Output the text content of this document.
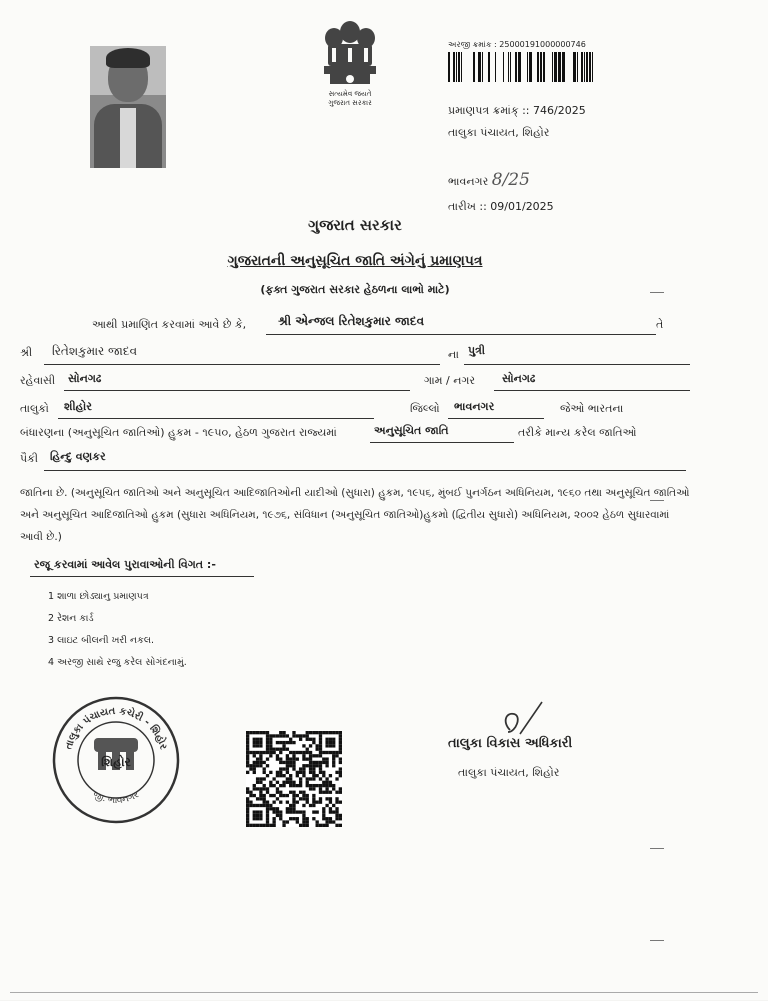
સત્યમેવ જયતે
ગુજરાત સરકાર
અરજી ક્રમાંક : 25000191000000746
પ્રમાણપત્ર ક્રમાંક્ :: 746/2025
તાલુકા પંચાયત, શિહોર
ભાવનગર 8/25
તારીખ :: 09/01/2025
ગુજરાત સરકાર
ગુજરાતની અનુસૂચિત જાતિ અંગેનું પ્રમાણપત્ર
(ફક્ત ગુજરાત સરકાર હેઠળના લાભો માટે)
આથી પ્રમાણિત કરવામાં આવે છે કે,	શ્રી એન્જલ રિતેશકુમાર જાદવ	તે
શ્રી રિતેશકુમાર જાદવ	ના પુત્રી
રહેવાસી સોનગઢ	ગામ / નગર સોનગઢ
તાલુકો શીહોર	જિલ્લો ભાવનગર	જેઓ ભારતના
બંધારણના (અનુસૂચિત જાતિઓ) હુકમ - ૧૯૫૦, હેઠળ ગુજરાત રાજ્યમાં	અનુસૂચિત જાતિ	તરીકે માન્ય કરેલ જાતિઓ
પૈકી હિન્દુ વણકર
જાતિના છે. (અનુસૂચિત જાતિઓ અને અનુસૂચિત આદિજાતિઓની યાદીઓ (સુધારા) હુકમ, ૧૯૫૬, મુંબઈ પુનર્ગઠન અધિનિયમ, ૧૯૬૦ તથા અનુસૂચિત જાતિઓ અને અનુસૂચિત આદિજાતિઓ હુકમ (સુધારા અધિનિયમ, ૧૯૭૬, સંવિધાન (અનુસૂચિત જાતિઓ)હુકમો (દ્વિતીય સુધારો) અધિનિયમ, ૨૦૦૨ હેઠળ સુધારવામાં આવી છે.)
રજૂ કરવામાં આવેલ પુરાવાઓની વિગત :-
1 શાળા છોડ્યાનુ પ્રમાણપત્ર
2 રેશન કાર્ડ
3 લાઇટ બીલની ખરી નકલ.
4 અરજી સાથે રજુ કરેલ સોગંદનામું.
તાલુકા પંચાયત કચેરી - શિહોર
શિહોર
જી. ભાવનગર
તાલુકા વિકાસ અધિકારી
તાલુકા પંચાયત, શિહોર
